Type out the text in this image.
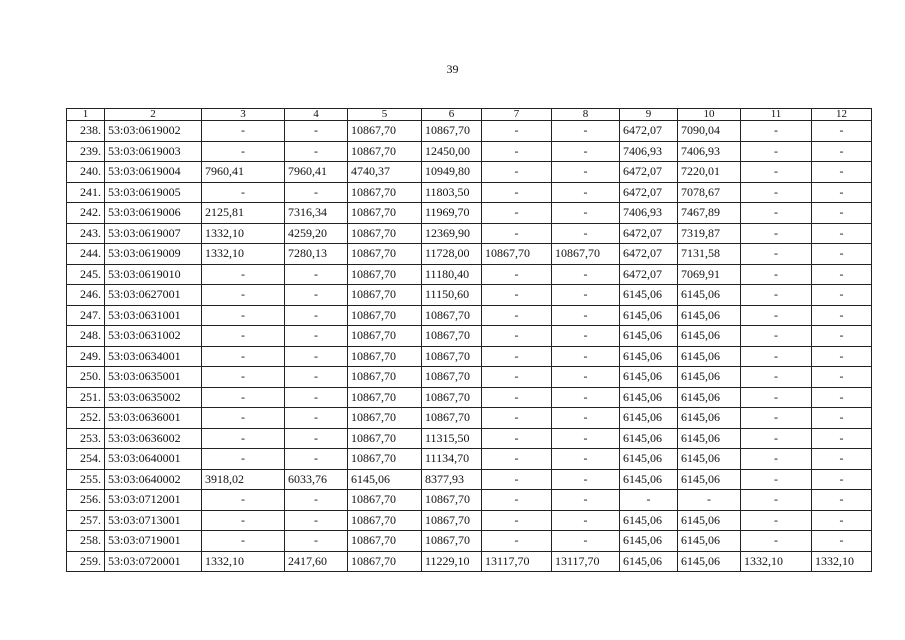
39
1	2	3	4	5	6	7	8	9	10	11	12
238.	53:03:0619002	-	-	10867,70	10867,70	-	-	6472,07	7090,04	-	-
239.	53:03:0619003	-	-	10867,70	12450,00	-	-	7406,93	7406,93	-	-
240.	53:03:0619004	7960,41	7960,41	4740,37	10949,80	-	-	6472,07	7220,01	-	-
241.	53:03:0619005	-	-	10867,70	11803,50	-	-	6472,07	7078,67	-	-
242.	53:03:0619006	2125,81	7316,34	10867,70	11969,70	-	-	7406,93	7467,89	-	-
243.	53:03:0619007	1332,10	4259,20	10867,70	12369,90	-	-	6472,07	7319,87	-	-
244.	53:03:0619009	1332,10	7280,13	10867,70	11728,00	10867,70	10867,70	6472,07	7131,58	-	-
245.	53:03:0619010	-	-	10867,70	11180,40	-	-	6472,07	7069,91	-	-
246.	53:03:0627001	-	-	10867,70	11150,60	-	-	6145,06	6145,06	-	-
247.	53:03:0631001	-	-	10867,70	10867,70	-	-	6145,06	6145,06	-	-
248.	53:03:0631002	-	-	10867,70	10867,70	-	-	6145,06	6145,06	-	-
249.	53:03:0634001	-	-	10867,70	10867,70	-	-	6145,06	6145,06	-	-
250.	53:03:0635001	-	-	10867,70	10867,70	-	-	6145,06	6145,06	-	-
251.	53:03:0635002	-	-	10867,70	10867,70	-	-	6145,06	6145,06	-	-
252.	53:03:0636001	-	-	10867,70	10867,70	-	-	6145,06	6145,06	-	-
253.	53:03:0636002	-	-	10867,70	11315,50	-	-	6145,06	6145,06	-	-
254.	53:03:0640001	-	-	10867,70	11134,70	-	-	6145,06	6145,06	-	-
255.	53:03:0640002	3918,02	6033,76	6145,06	8377,93	-	-	6145,06	6145,06	-	-
256.	53:03:0712001	-	-	10867,70	10867,70	-	-	-	-	-	-
257.	53:03:0713001	-	-	10867,70	10867,70	-	-	6145,06	6145,06	-	-
258.	53:03:0719001	-	-	10867,70	10867,70	-	-	6145,06	6145,06	-	-
259.	53:03:0720001	1332,10	2417,60	10867,70	11229,10	13117,70	13117,70	6145,06	6145,06	1332,10	1332,10
